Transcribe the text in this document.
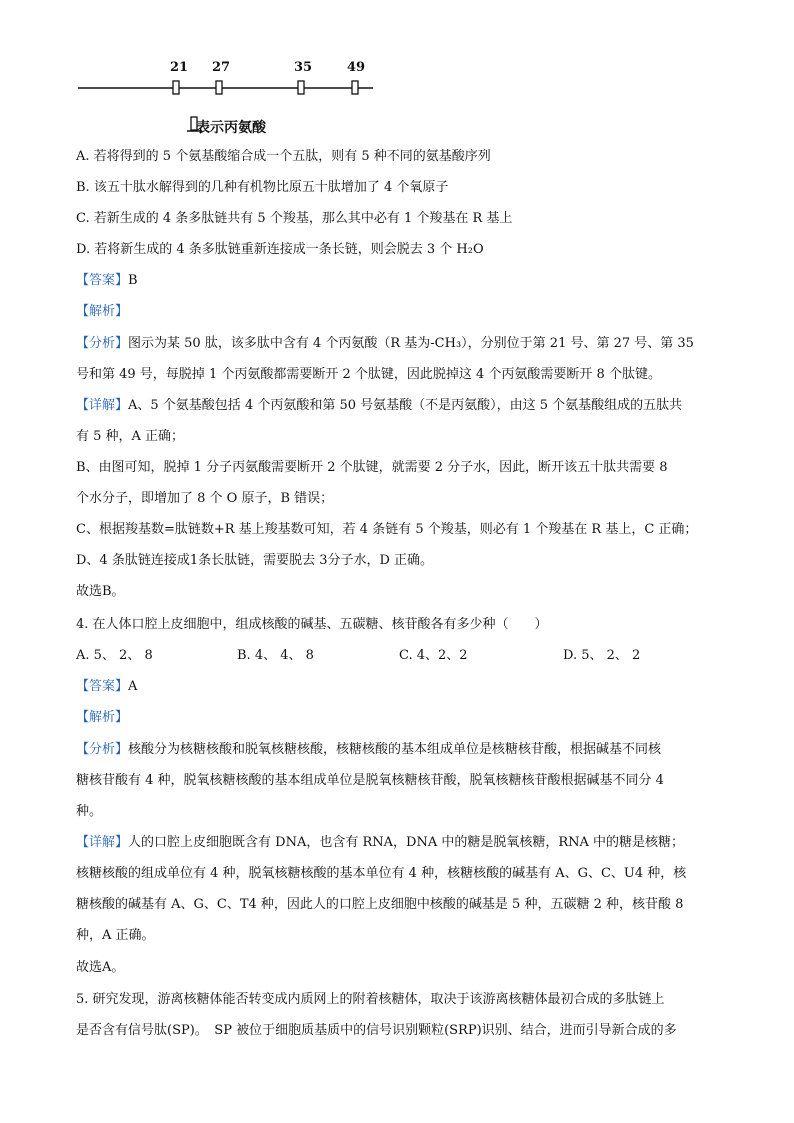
21 27	35	49
表示丙氨酸
A. 若将得到的 5 个氨基酸缩合成一个五肽，则有 5 种不同的氨基酸序列
B. 该五十肽水解得到的几种有机物比原五十肽增加了 4 个氧原子
C. 若新生成的 4 条多肽链共有 5 个羧基，那么其中必有 1 个羧基在 R 基上
D. 若将新生成的 4 条多肽链重新连接成一条长链，则会脱去 3 个 H₂O
【答案】B
【解析】
【分析】图示为某 50 肽，该多肽中含有 4 个丙氨酸（R 基为-CH₃），分别位于第 21 号、第 27 号、第 35
号和第 49 号，每脱掉 1 个丙氨酸都需要断开 2 个肽键，因此脱掉这 4 个丙氨酸需要断开 8 个肽键。
【详解】A、5 个氨基酸包括 4 个丙氨酸和第 50 号氨基酸（不是丙氨酸），由这 5 个氨基酸组成的五肽共
有 5 种，A 正确；
B、由图可知，脱掉 1 分子丙氨酸需要断开 2 个肽键，就需要 2 分子水，因此，断开该五十肽共需要 8
个水分子，即增加了 8 个 O 原子，B 错误；
C、根据羧基数=肽链数+R 基上羧基数可知，若 4 条链有 5 个羧基，则必有 1 个羧基在 R 基上，C 正确；
D、4 条肽链连接成1条长肽链，需要脱去 3分子水，D 正确。
故选B。
4. 在人体口腔上皮细胞中，组成核酸的碱基、五碳糖、核苷酸各有多少种（　　）
A. 5、 2、 8	B. 4、 4、 8	C. 4、2、2	D. 5、 2、 2
【答案】A
【解析】
【分析】核酸分为核糖核酸和脱氧核糖核酸，核糖核酸的基本组成单位是核糖核苷酸，根据碱基不同核
糖核苷酸有 4 种，脱氧核糖核酸的基本组成单位是脱氧核糖核苷酸，脱氧核糖核苷酸根据碱基不同分 4
种。
【详解】人的口腔上皮细胞既含有 DNA，也含有 RNA，DNA 中的糖是脱氧核糖，RNA 中的糖是核糖；
核糖核酸的组成单位有 4 种，脱氧核糖核酸的基本单位有 4 种，核糖核酸的碱基有 A、G、C、U4 种，核
糖核酸的碱基有 A、G、C、T4 种，因此人的口腔上皮细胞中核酸的碱基是 5 种，五碳糖 2 种，核苷酸 8
种，A 正确。
故选A。
5. 研究发现，游离核糖体能否转变成内质网上的附着核糖体，取决于该游离核糖体最初合成的多肽链上
是否含有信号肽(SP)。　SP 被位于细胞质基质中的信号识别颗粒(SRP)识别、结合，进而引导新合成的多
